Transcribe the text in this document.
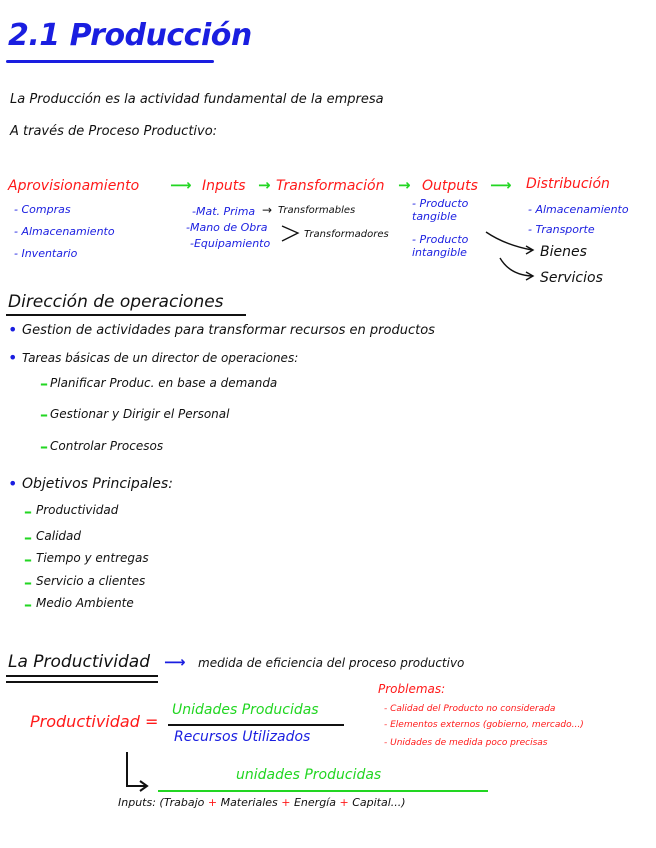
2.1 Producción
La Producción es la actividad fundamental de la empresa
A través de Proceso Productivo:
Aprovisionamiento ⟶ Inputs → Transformación → Outputs ⟶ Distribución
- Compras
- Almacenamiento
- Inventario
-Mat. Prima → Transformables
-Mano de Obra
-Equipamiento
Transformadores
- Producto tangible
- Producto intangible
- Almacenamiento
- Transporte
Bienes
Servicios
Dirección de operaciones
• Gestion de actividades para transformar recursos en productos
• Tareas básicas de un director de operaciones:
– Planificar Produc. en base a demanda
– Gestionar y Dirigir el Personal
– Controlar Procesos
• Objetivos Principales:
– Productividad
– Calidad
– Tiempo y entregas
– Servicio a clientes
– Medio Ambiente
La Productividad ⟶ medida de eficiencia del proceso productivo
Productividad =
Unidades Producidas
Recursos Utilizados
Problemas:
- Calidad del Producto no considerada
- Elementos externos (gobierno, mercado...)
- Unidades de medida poco precisas
unidades Producidas
Inputs: (Trabajo + Materiales + Energía + Capital...)
